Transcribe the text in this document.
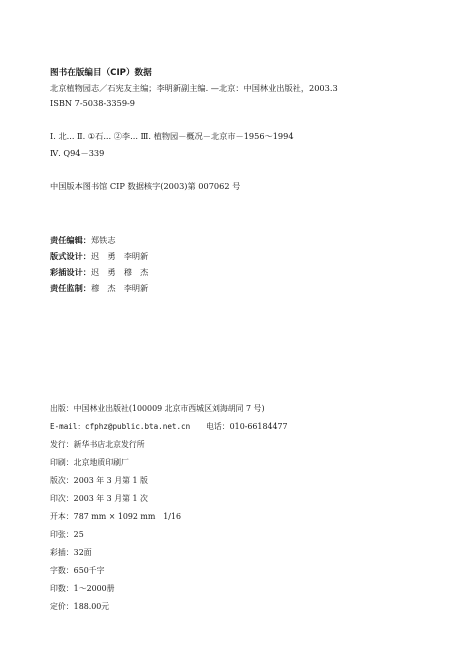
图书在版编目（CIP）数据
北京植物园志／石宪友主编；李明新副主编. —北京：中国林业出版社，2003.3
ISBN 7-5038-3359-9
Ⅰ. 北... Ⅱ. ①石... ②李... Ⅲ. 植物园－概况－北京市－1956～1994
Ⅳ. Q94－339
中国版本图书馆 CIP 数据核字(2003)第 007062 号
责任编辑：郑铁志
版式设计：迟　勇　李明新
彩插设计：迟　勇　穆　杰
责任监制：穆　杰　李明新
出版：中国林业出版社(100009 北京市西城区刘海胡同 7 号)
E-mail：cfphz@public.bta.net.cn　　 电话：010-66184477
发行：新华书店北京发行所
印刷：北京地质印刷厂
版次：2003 年 3 月第 1 版
印次：2003 年 3 月第 1 次
开本：787 mm × 1092 mm　1/16
印张：25
彩插：32面
字数：650千字
印数：1～2000册
定价：188.00元
